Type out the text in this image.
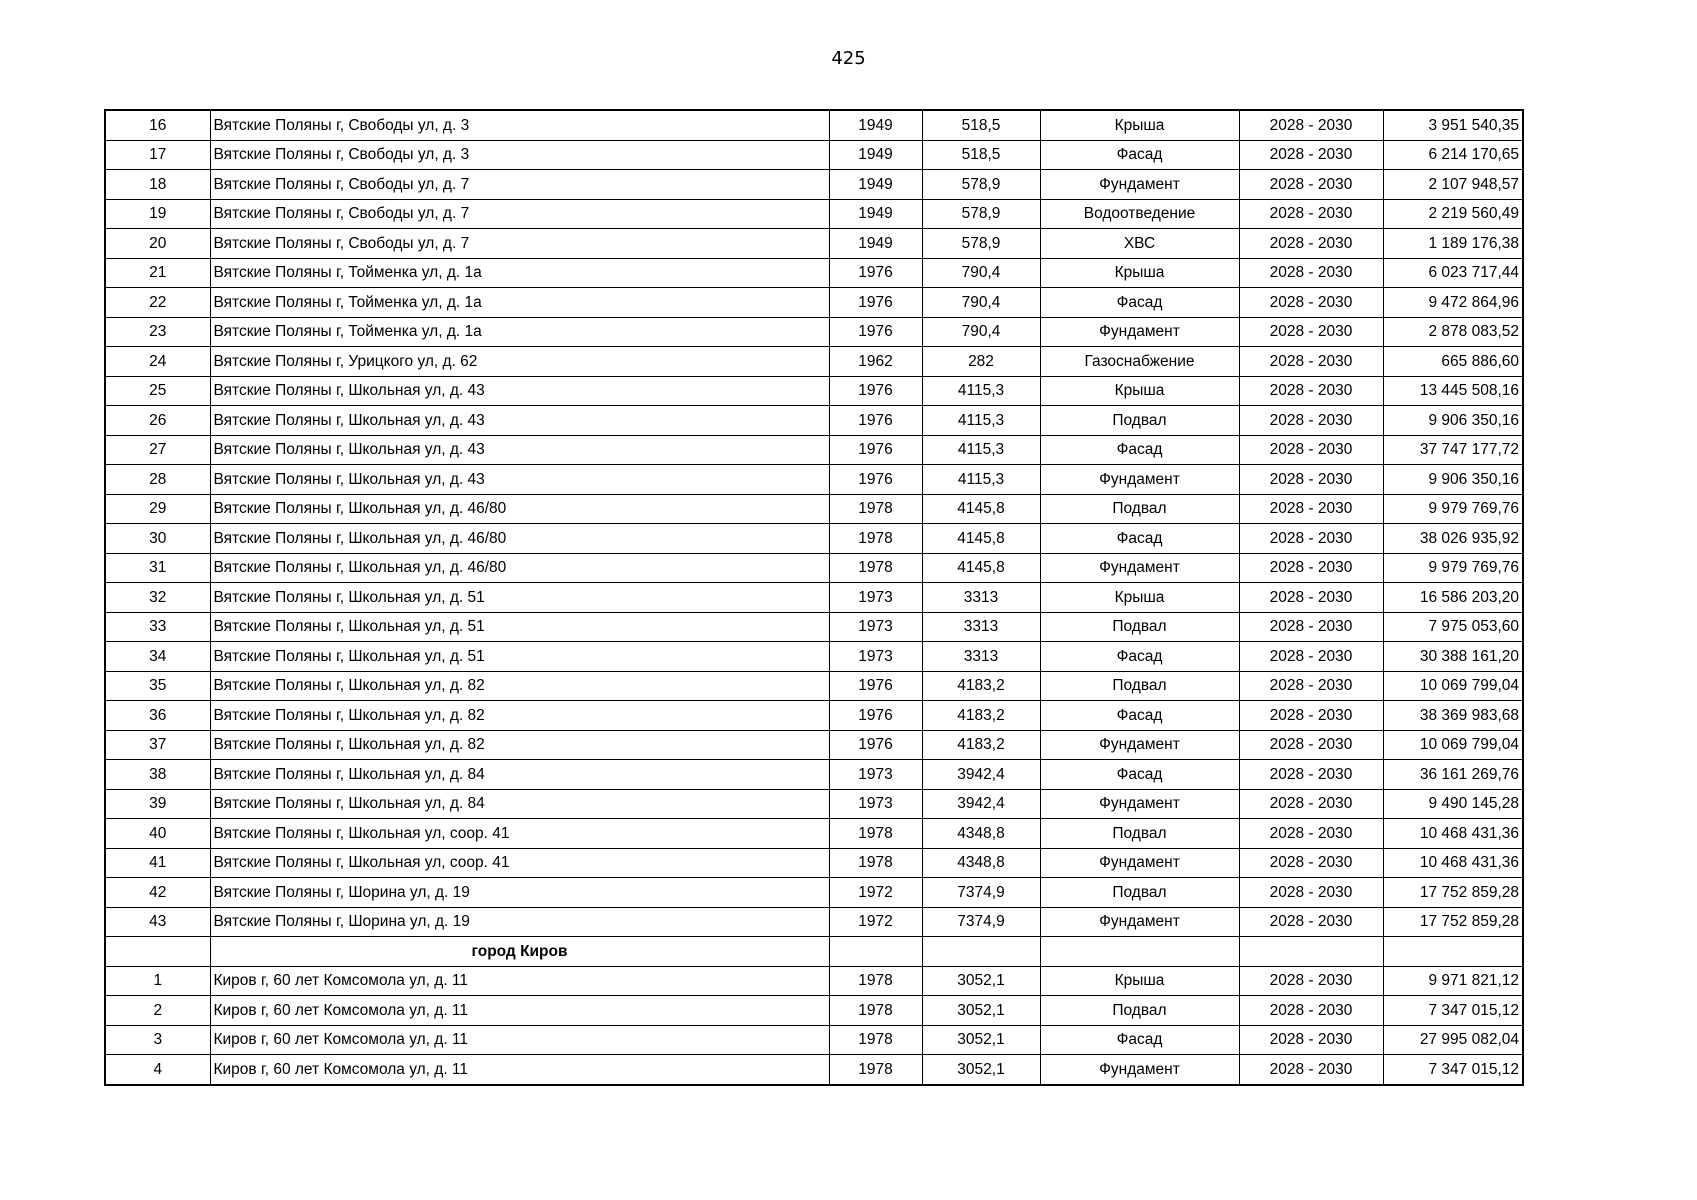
425
16	Вятские Поляны г, Свободы ул, д. 3	1949	518,5	Крыша	2028 - 2030	3 951 540,35
17	Вятские Поляны г, Свободы ул, д. 3	1949	518,5	Фасад	2028 - 2030	6 214 170,65
18	Вятские Поляны г, Свободы ул, д. 7	1949	578,9	Фундамент	2028 - 2030	2 107 948,57
19	Вятские Поляны г, Свободы ул, д. 7	1949	578,9	Водоотведение	2028 - 2030	2 219 560,49
20	Вятские Поляны г, Свободы ул, д. 7	1949	578,9	ХВС	2028 - 2030	1 189 176,38
21	Вятские Поляны г, Тойменка ул, д. 1а	1976	790,4	Крыша	2028 - 2030	6 023 717,44
22	Вятские Поляны г, Тойменка ул, д. 1а	1976	790,4	Фасад	2028 - 2030	9 472 864,96
23	Вятские Поляны г, Тойменка ул, д. 1а	1976	790,4	Фундамент	2028 - 2030	2 878 083,52
24	Вятские Поляны г, Урицкого ул, д. 62	1962	282	Газоснабжение	2028 - 2030	665 886,60
25	Вятские Поляны г, Школьная ул, д. 43	1976	4115,3	Крыша	2028 - 2030	13 445 508,16
26	Вятские Поляны г, Школьная ул, д. 43	1976	4115,3	Подвал	2028 - 2030	9 906 350,16
27	Вятские Поляны г, Школьная ул, д. 43	1976	4115,3	Фасад	2028 - 2030	37 747 177,72
28	Вятские Поляны г, Школьная ул, д. 43	1976	4115,3	Фундамент	2028 - 2030	9 906 350,16
29	Вятские Поляны г, Школьная ул, д. 46/80	1978	4145,8	Подвал	2028 - 2030	9 979 769,76
30	Вятские Поляны г, Школьная ул, д. 46/80	1978	4145,8	Фасад	2028 - 2030	38 026 935,92
31	Вятские Поляны г, Школьная ул, д. 46/80	1978	4145,8	Фундамент	2028 - 2030	9 979 769,76
32	Вятские Поляны г, Школьная ул, д. 51	1973	3313	Крыша	2028 - 2030	16 586 203,20
33	Вятские Поляны г, Школьная ул, д. 51	1973	3313	Подвал	2028 - 2030	7 975 053,60
34	Вятские Поляны г, Школьная ул, д. 51	1973	3313	Фасад	2028 - 2030	30 388 161,20
35	Вятские Поляны г, Школьная ул, д. 82	1976	4183,2	Подвал	2028 - 2030	10 069 799,04
36	Вятские Поляны г, Школьная ул, д. 82	1976	4183,2	Фасад	2028 - 2030	38 369 983,68
37	Вятские Поляны г, Школьная ул, д. 82	1976	4183,2	Фундамент	2028 - 2030	10 069 799,04
38	Вятские Поляны г, Школьная ул, д. 84	1973	3942,4	Фасад	2028 - 2030	36 161 269,76
39	Вятские Поляны г, Школьная ул, д. 84	1973	3942,4	Фундамент	2028 - 2030	9 490 145,28
40	Вятские Поляны г, Школьная ул, соор. 41	1978	4348,8	Подвал	2028 - 2030	10 468 431,36
41	Вятские Поляны г, Школьная ул, соор. 41	1978	4348,8	Фундамент	2028 - 2030	10 468 431,36
42	Вятские Поляны г, Шорина ул, д. 19	1972	7374,9	Подвал	2028 - 2030	17 752 859,28
43	Вятские Поляны г, Шорина ул, д. 19	1972	7374,9	Фундамент	2028 - 2030	17 752 859,28
	город Киров					
1	Киров г, 60 лет Комсомола ул, д. 11	1978	3052,1	Крыша	2028 - 2030	9 971 821,12
2	Киров г, 60 лет Комсомола ул, д. 11	1978	3052,1	Подвал	2028 - 2030	7 347 015,12
3	Киров г, 60 лет Комсомола ул, д. 11	1978	3052,1	Фасад	2028 - 2030	27 995 082,04
4	Киров г, 60 лет Комсомола ул, д. 11	1978	3052,1	Фундамент	2028 - 2030	7 347 015,12
